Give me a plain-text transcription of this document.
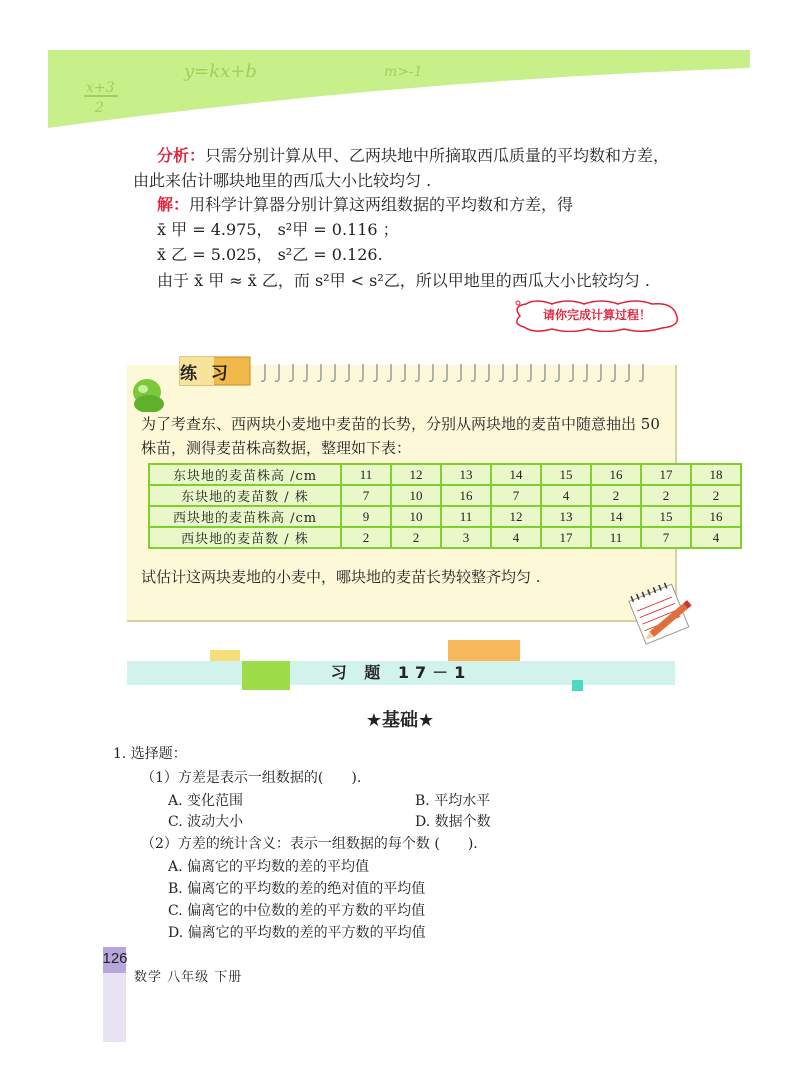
x+3
2
y=kx+b	m>-1
分析：只需分别计算从甲、乙两块地中所摘取西瓜质量的平均数和方差，
由此来估计哪块地里的西瓜大小比较均匀 .
解：用科学计算器分别计算这两组数据的平均数和方差，得
x̄ 甲 = 4.975， s²甲 = 0.116 ；
x̄ 乙 = 5.025， s²乙 = 0.126.
由于 x̄ 甲 ≈ x̄ 乙，而 s²甲 < s²乙，所以甲地里的西瓜大小比较均匀 .
请你完成计算过程！
练 习
为了考查东、西两块小麦地中麦苗的长势，分别从两块地的麦苗中随意抽出 50 株苗，测得麦苗株高数据，整理如下表：
东块地的麦苗株高 /cm	11	12	13	14	15	16	17	18
东块地的麦苗数 / 株	7	10	16	7	4	2	2	2
西块地的麦苗株高 /cm	9	10	11	12	13	14	15	16
西块地的麦苗数 / 株	2	2	3	4	17	11	7	4
试估计这两块麦地的小麦中，哪块地的麦苗长势较整齐均匀 .
习 题 17－1
★基础★
1. 选择题：
（1）方差是表示一组数据的(　　).
A. 变化范围	B. 平均水平
C. 波动大小	D. 数据个数
（2）方差的统计含义：表示一组数据的每个数 (　　).
A. 偏离它的平均数的差的平均值
B. 偏离它的平均数的差的绝对值的平均值
C. 偏离它的中位数的差的平方数的平均值
D. 偏离它的平均数的差的平方数的平均值
126
数学 八年级 下册
